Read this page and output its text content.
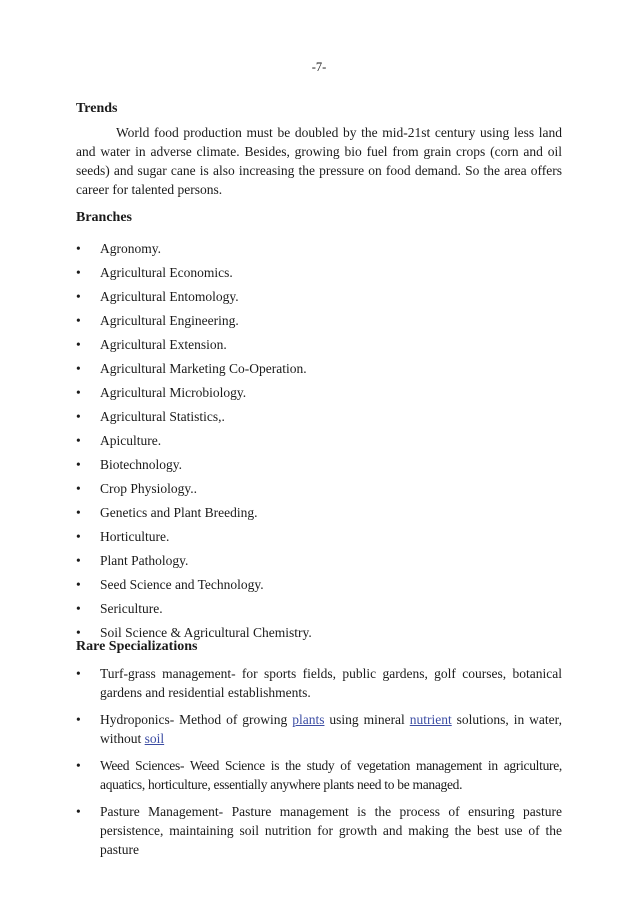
-7-
Trends

World food production must be doubled by the mid-21st century using less land and water in adverse climate. Besides, growing bio fuel from grain crops (corn and oil seeds) and sugar cane is also increasing the pressure on food demand. So the area offers career for talented persons.

Branches
• Agronomy.
• Agricultural Economics.
• Agricultural Entomology.
• Agricultural Engineering.
• Agricultural Extension.
• Agricultural Marketing Co-Operation.
• Agricultural Microbiology.
• Agricultural Statistics,.
• Apiculture.
• Biotechnology.
• Crop Physiology..
• Genetics and Plant Breeding.
• Horticulture.
• Plant Pathology.
• Seed Science and Technology.
• Sericulture.
• Soil Science & Agricultural Chemistry.
Rare Specializations
• Turf-grass management- for sports fields, public gardens, golf courses, botanical gardens and residential establishments.
• Hydroponics- Method of growing plants using mineral nutrient solutions, in water, without soil
• Weed Sciences- Weed Science is the study of vegetation management in agriculture, aquatics, horticulture, essentially anywhere plants need to be managed.
• Pasture Management- Pasture management is the process of ensuring pasture persistence, maintaining soil nutrition for growth and making the best use of the pasture
